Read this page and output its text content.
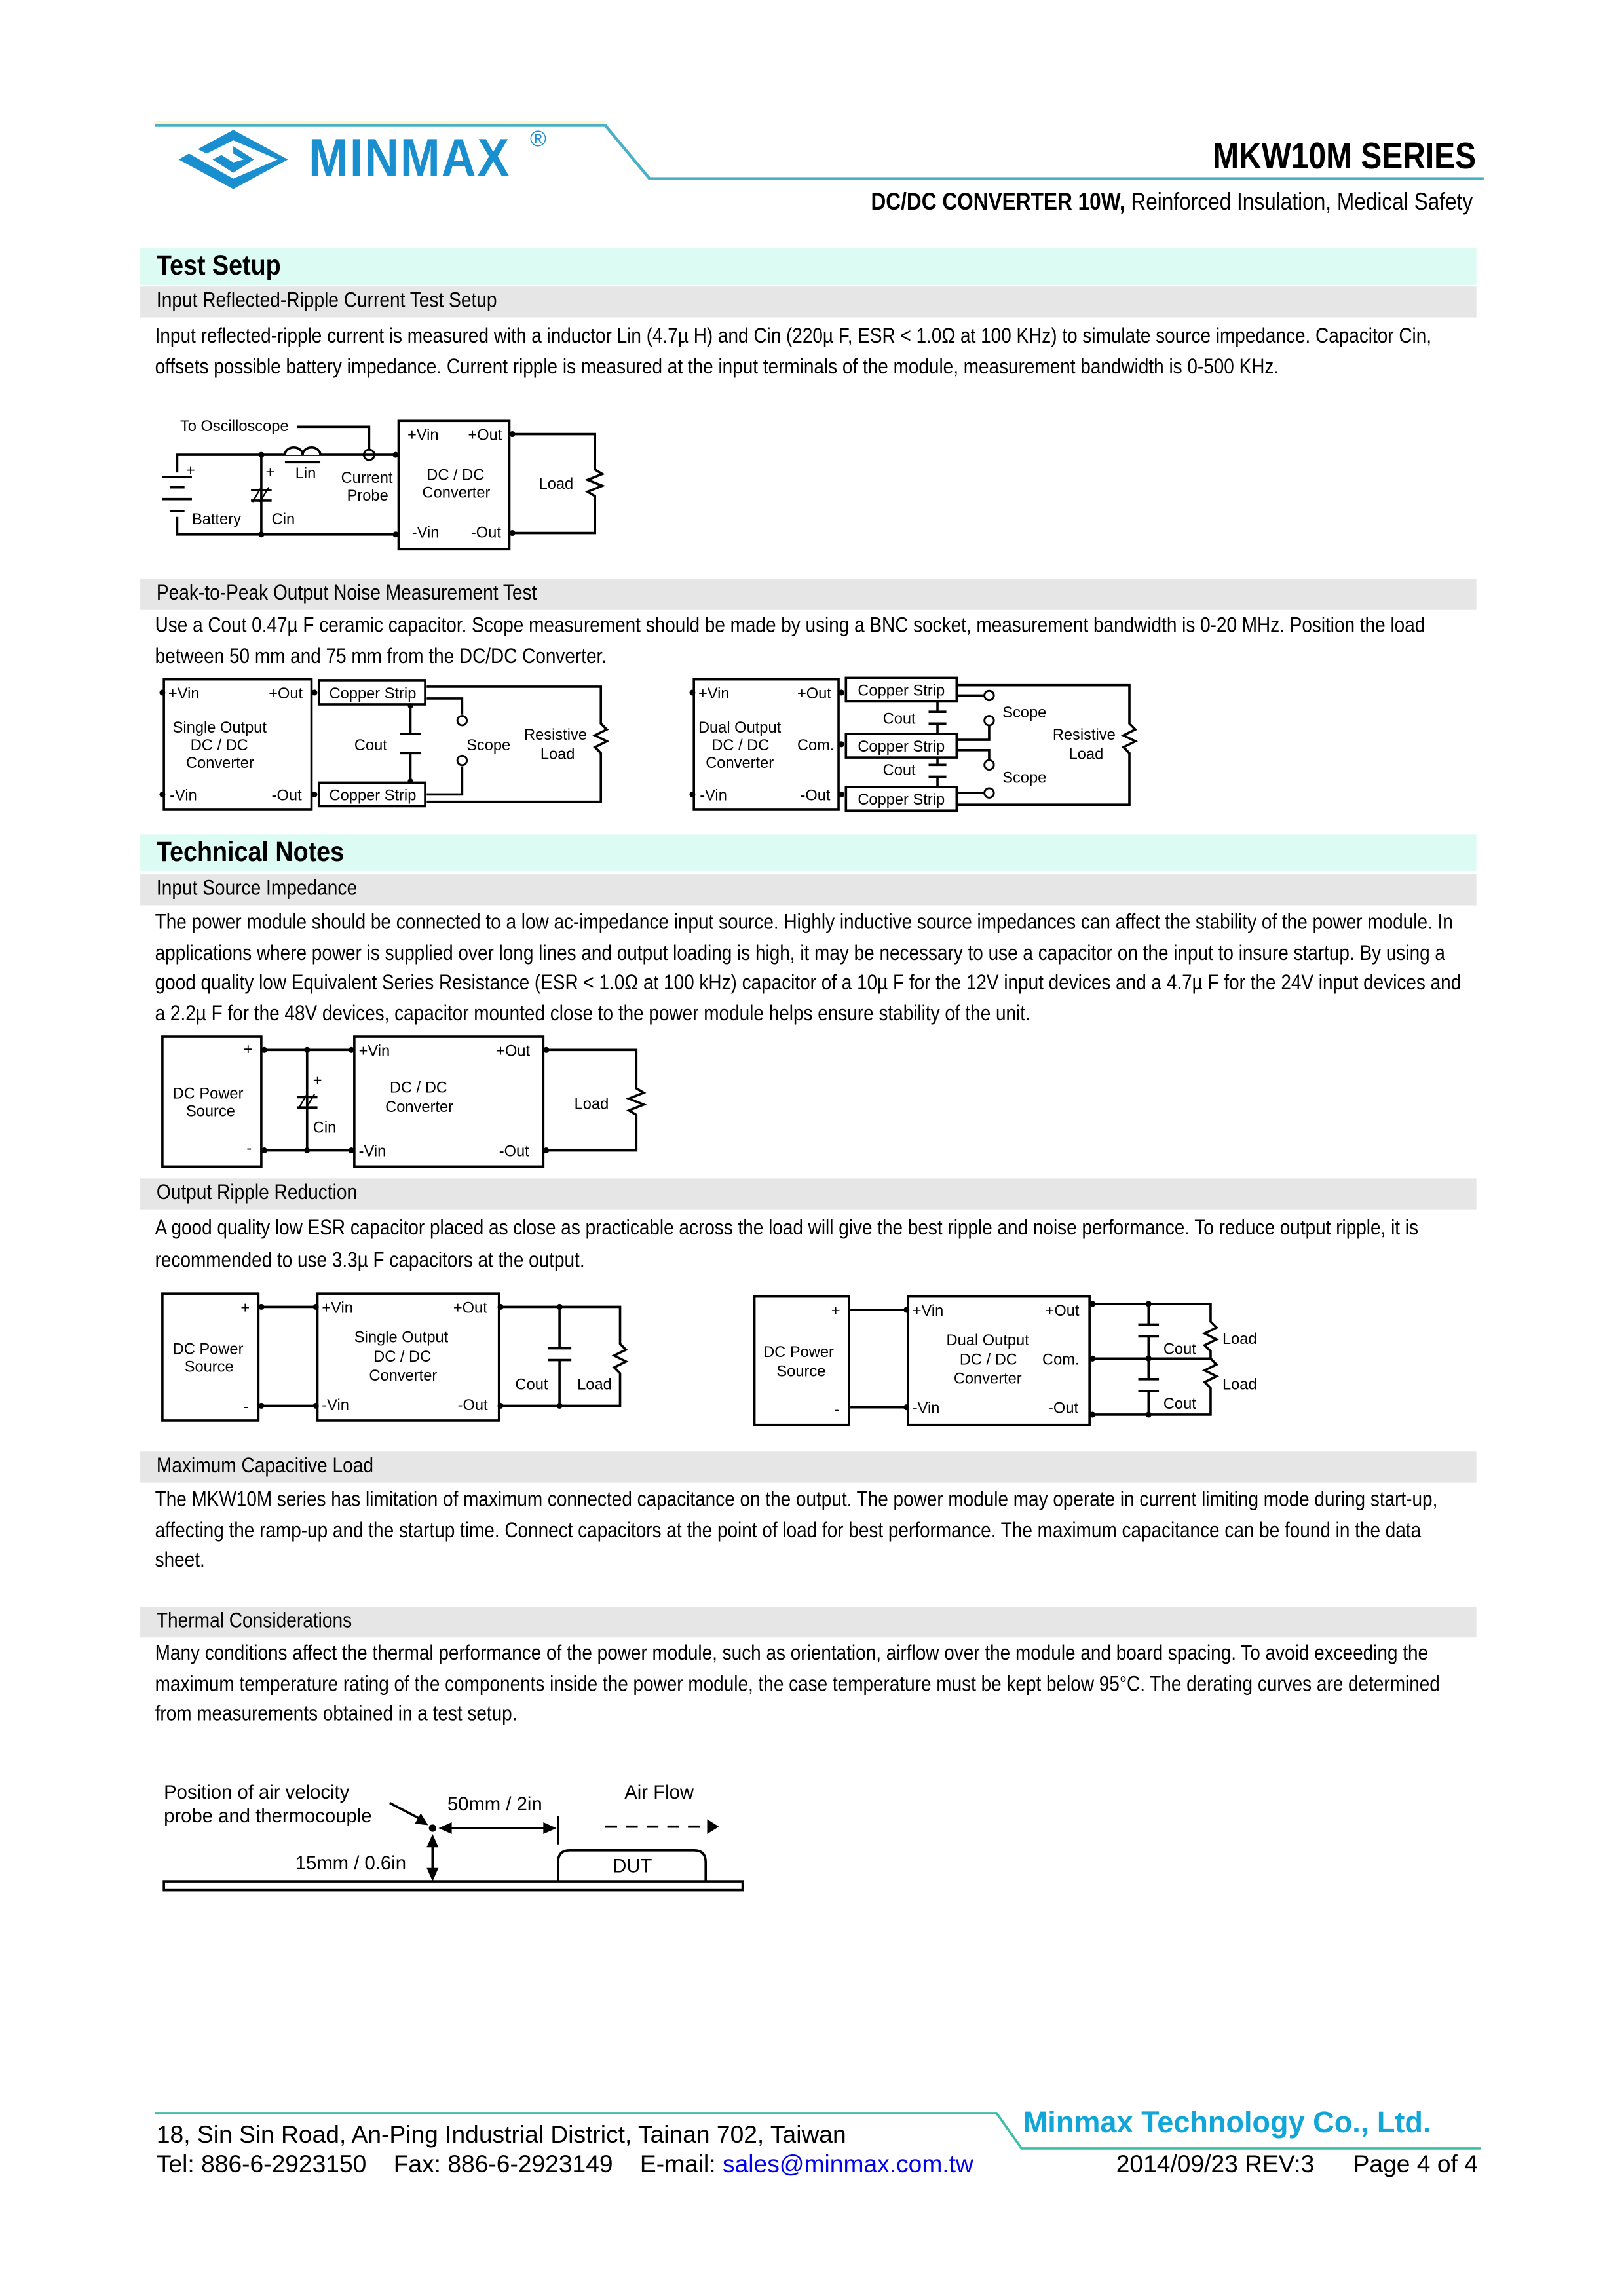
MINMAX ®	MKW10M SERIES
DC/DC CONVERTER 10W, Reinforced Insulation, Medical Safety
Test Setup
Input Reflected-Ripple Current Test Setup
Input reflected-ripple current is measured with a inductor Lin (4.7µ H) and Cin (220µ F, ESR < 1.0Ω at 100 KHz) to simulate source impedance. Capacitor Cin, offsets possible battery impedance. Current ripple is measured at the input terminals of the module, measurement bandwidth is 0-500 KHz.
To Oscilloscope
+
Battery
+
Cin
Lin	Current
Probe
+Vin	+Out
DC / DC
Converter
-Vin	-Out
Load
+Vin	+Out
Single Output
DC / DC
Converter
-Vin	-Out
Copper Strip
Copper Strip
Cout	Scope
Resistive
Load
+Vin	+Out
Dual Output
DC / DC
Converter
Com.
-Vin	-Out
Copper Strip
Copper Strip
Copper Strip
Cout
Cout
Scope
Scope
Resistive
Load
DC Power
Source
+
-
+
Cin
+Vin	+Out
DC / DC
Converter
-Vin	-Out
Load
DC Power
Source
+
-
+Vin	+Out
Single Output
DC / DC
Converter
-Vin	-Out
Cout	Load
DC Power
Source
+
-
+Vin	+Out
Dual Output
DC / DC
Converter
Com.
-Vin	-Out
Cout
Cout
Load
Load
Position of air velocity
probe and thermocouple
50mm / 2in
15mm / 0.6in
Air Flow
DUT
Peak-to-Peak Output Noise Measurement Test
Use a Cout 0.47µ F ceramic capacitor. Scope measurement should be made by using a BNC socket, measurement bandwidth is 0-20 MHz. Position the load between 50 mm and 75 mm from the DC/DC Converter.
Technical Notes
Input Source Impedance
The power module should be connected to a low ac-impedance input source. Highly inductive source impedances can affect the stability of the power module. In applications where power is supplied over long lines and output loading is high, it may be necessary to use a capacitor on the input to insure startup. By using a good quality low Equivalent Series Resistance (ESR < 1.0Ω at 100 kHz) capacitor of a 10µ F for the 12V input devices and a 4.7µ F for the 24V input devices and a 2.2µ F for the 48V devices, capacitor mounted close to the power module helps ensure stability of the unit.
Output Ripple Reduction
A good quality low ESR capacitor placed as close as practicable across the load will give the best ripple and noise performance. To reduce output ripple, it is recommended to use 3.3µ F capacitors at the output.
Maximum Capacitive Load
The MKW10M series has limitation of maximum connected capacitance on the output. The power module may operate in current limiting mode during start-up, affecting the ramp-up and the startup time. Connect capacitors at the point of load for best performance. The maximum capacitance can be found in the data sheet.
Thermal Considerations
Many conditions affect the thermal performance of the power module, such as orientation, airflow over the module and board spacing. To avoid exceeding the maximum temperature rating of the components inside the power module, the case temperature must be kept below 95°C. The derating curves are determined from measurements obtained in a test setup.
Minmax Technology Co., Ltd.
18, Sin Sin Road, An-Ping Industrial District, Tainan 702, Taiwan
Tel: 886-6-2923150	Fax: 886-6-2923149	E-mail: sales@minmax.com.tw	2014/09/23 REV:3	Page 4 of 4
